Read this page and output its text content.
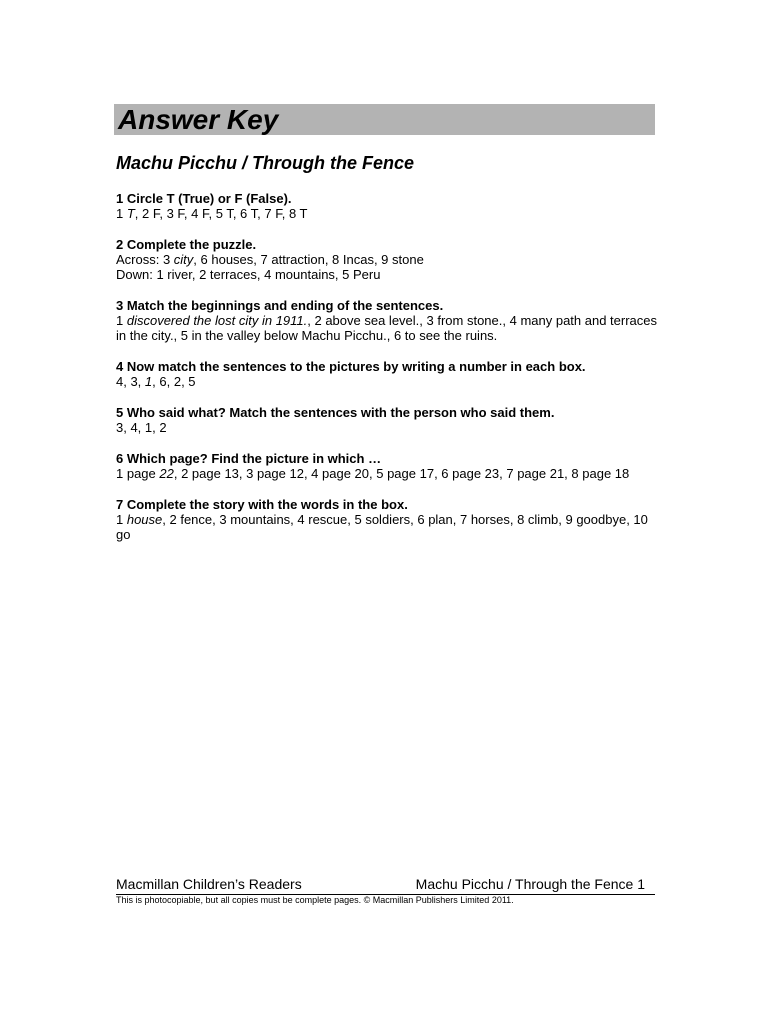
Answer Key
Machu Picchu / Through the Fence
1 Circle T (True) or F (False).
1 T, 2 F, 3 F, 4 F, 5 T, 6 T, 7 F, 8 T
2 Complete the puzzle.
Across: 3 city, 6 houses, 7 attraction, 8 Incas, 9 stone
Down: 1 river, 2 terraces, 4 mountains, 5 Peru
3 Match the beginnings and ending of the sentences.
1 discovered the lost city in 1911., 2 above sea level., 3 from stone., 4 many path and terraces in the city., 5 in the valley below Machu Picchu., 6 to see the ruins.
4 Now match the sentences to the pictures by writing a number in each box.
4, 3, 1, 6, 2, 5
5 Who said what? Match the sentences with the person who said them.
3, 4, 1, 2
6 Which page? Find the picture in which …
1 page 22, 2 page 13, 3 page 12, 4 page 20, 5 page 17, 6 page 23, 7 page 21, 8 page 18
7 Complete the story with the words in the box.
1 house, 2 fence, 3 mountains, 4 rescue, 5 soldiers, 6 plan, 7 horses, 8 climb, 9 goodbye, 10 go
Macmillan Children’s Readers	Machu Picchu / Through the Fence 1
This is photocopiable, but all copies must be complete pages. © Macmillan Publishers Limited 2011.
